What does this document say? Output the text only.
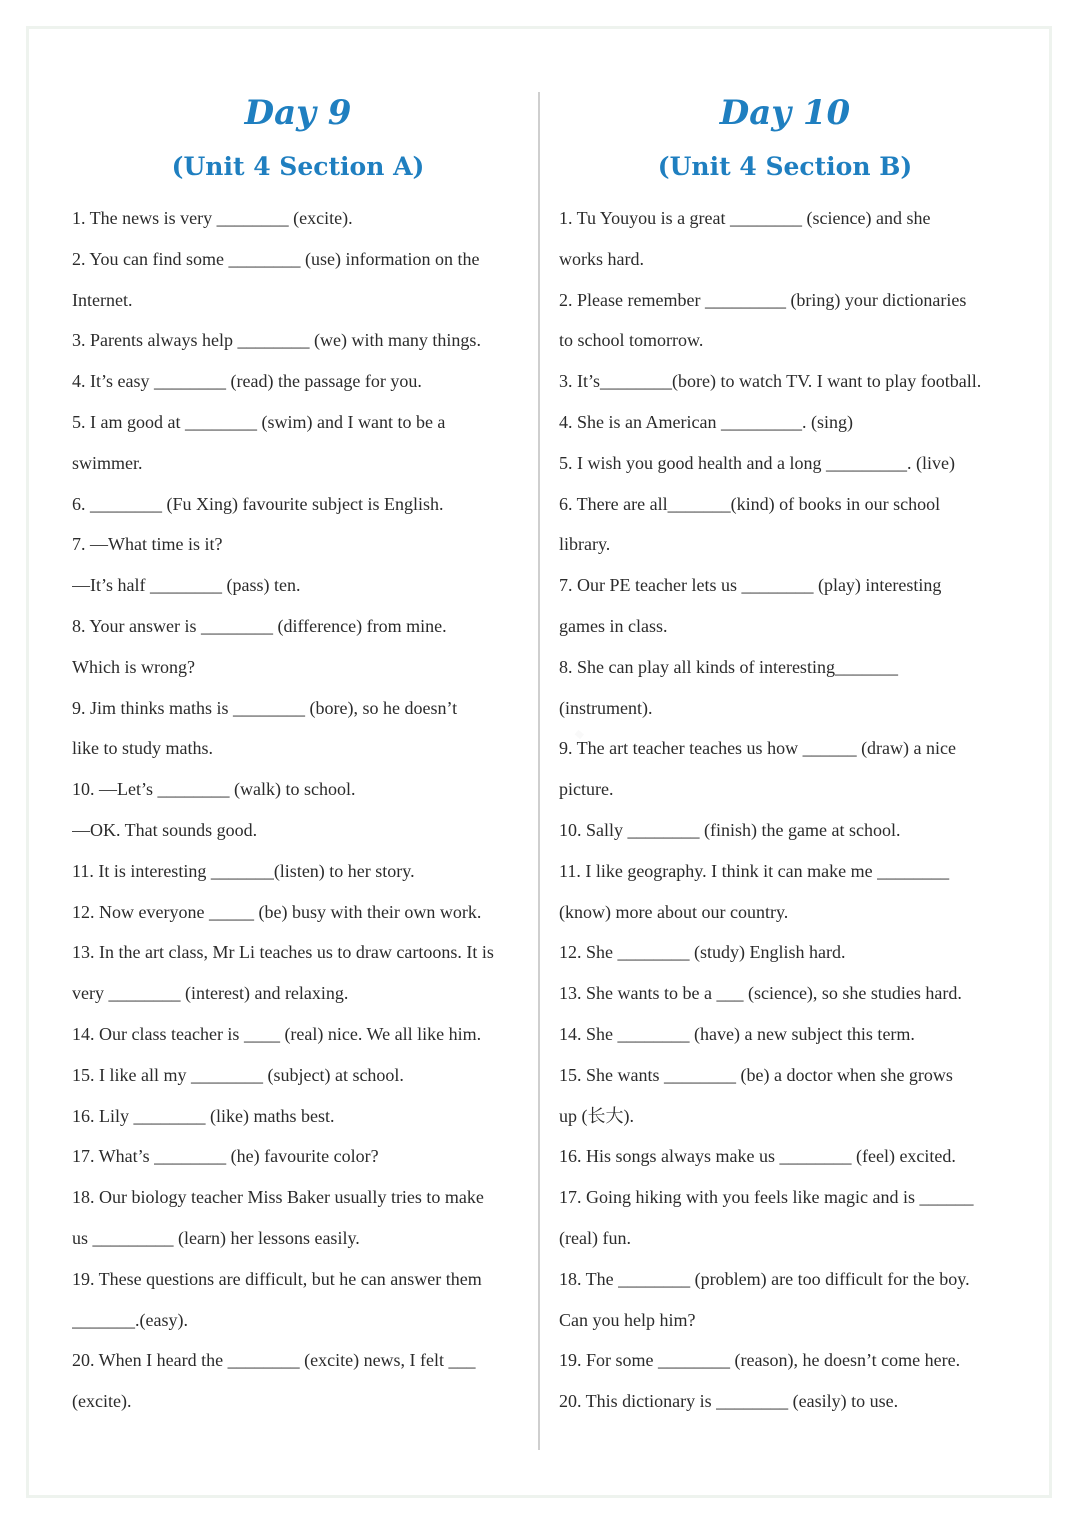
Day 9
(Unit 4 Section A)
1. The news is very ________ (excite).
2. You can find some ________ (use) information on the
Internet.
3. Parents always help ________ (we) with many things.
4. It’s easy ________ (read) the passage for you.
5. I am good at ________ (swim) and I want to be a
swimmer.
6. ________ (Fu Xing) favourite subject is English.
7. —What time is it?
—It’s half ________ (pass) ten.
8. Your answer is ________ (difference) from mine.
Which is wrong?
9. Jim thinks maths is ________ (bore), so he doesn’t
like to study maths.
10. —Let’s ________ (walk) to school.
—OK. That sounds good.
11. It is interesting _______(listen) to her story.
12. Now everyone _____ (be) busy with their own work.
13. In the art class, Mr Li teaches us to draw cartoons. It is
very ________ (interest) and relaxing.
14. Our class teacher is ____ (real) nice. We all like him.
15. I like all my ________ (subject) at school.
16. Lily ________ (like) maths best.
17. What’s ________ (he) favourite color?
18. Our biology teacher Miss Baker usually tries to make
us _________ (learn) her lessons easily.
19. These questions are difficult, but he can answer them
_______.(easy).
20. When I heard the ________ (excite) news, I felt ___
(excite).
Day 10
(Unit 4 Section B)
1. Tu Youyou is a great ________ (science) and she
works hard.
2. Please remember _________ (bring) your dictionaries
to school tomorrow.
3. It’s________(bore) to watch TV. I want to play football.
4. She is an American _________. (sing)
5. I wish you good health and a long _________. (live)
6. There are all_______(kind) of books in our school
library.
7. Our PE teacher lets us ________ (play) interesting
games in class.
8. She can play all kinds of interesting_______
(instrument).
9. The art teacher teaches us how ______ (draw) a nice
picture.
10. Sally ________ (finish) the game at school.
11. I like geography. I think it can make me ________
(know) more about our country.
12. She ________ (study) English hard.
13. She wants to be a ___ (science), so she studies hard.
14. She ________ (have) a new subject this term.
15. She wants ________ (be) a doctor when she grows
up (长大).
16. His songs always make us ________ (feel) excited.
17. Going hiking with you feels like magic and is ______
(real) fun.
18. The ________ (problem) are too difficult for the boy.
Can you help him?
19. For some ________ (reason), he doesn’t come here.
20. This dictionary is ________ (easily) to use.
